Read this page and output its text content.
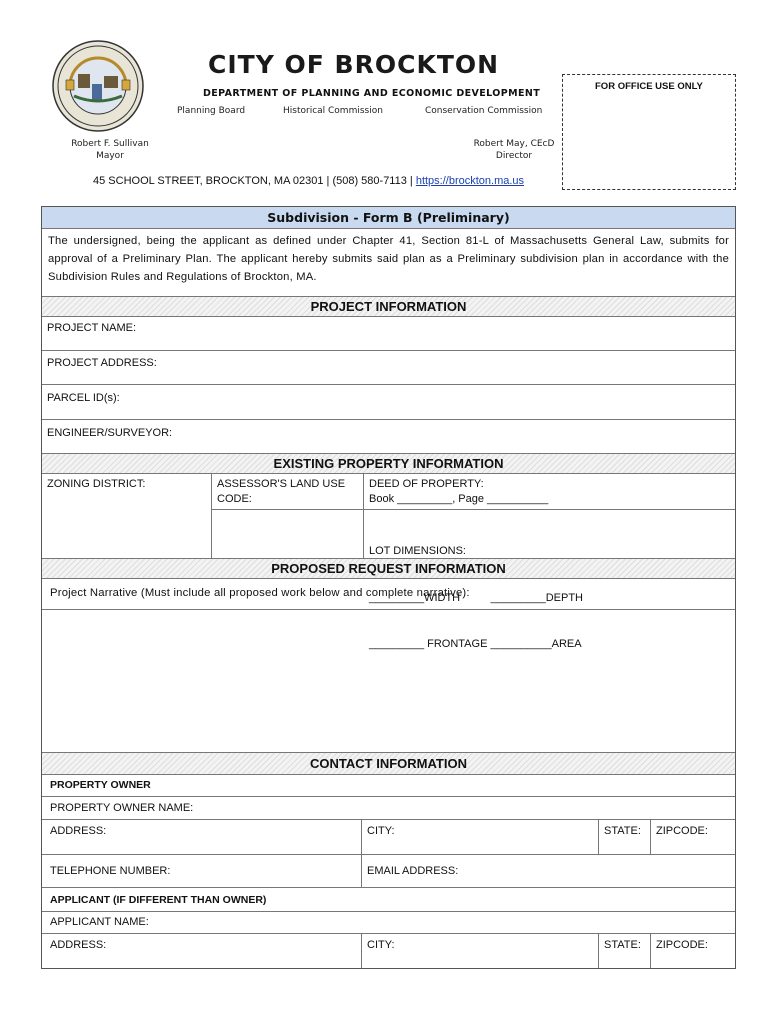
CITY OF BROCKTON
DEPARTMENT OF PLANNING AND ECONOMIC DEVELOPMENT
Planning Board	Historical Commission	Conservation Commission
Robert F. Sullivan
Mayor
Robert May, CEcD
Director
45 SCHOOL STREET, BROCKTON, MA 02301 | (508) 580-7113 | https://brockton.ma.us
FOR OFFICE USE ONLY
Subdivision - Form B (Preliminary)
The undersigned, being the applicant as defined under Chapter 41, Section 81-L of Massachusetts General Law, submits for approval of a Preliminary Plan. The applicant hereby submits said plan as a Preliminary subdivision plan in accordance with the Subdivision Rules and Regulations of Brockton, MA.
PROJECT INFORMATION
PROJECT NAME:
PROJECT ADDRESS:
PARCEL ID(s):
ENGINEER/SURVEYOR:
EXISTING PROPERTY INFORMATION
ZONING DISTRICT:	ASSESSOR'S LAND USE CODE:
DEED OF PROPERTY:
Book _________, Page __________

LOT DIMENSIONS:

_________WIDTH          _________DEPTH

_________ FRONTAGE __________AREA

PROPOSED REQUEST INFORMATION
Project Narrative (Must include all proposed work below and complete narrative):
CONTACT INFORMATION
PROPERTY OWNER
PROPERTY OWNER NAME:
ADDRESS:	CITY:	STATE:	ZIPCODE:
TELEPHONE NUMBER:	EMAIL ADDRESS:
APPLICANT (IF DIFFERENT THAN OWNER)
APPLICANT NAME:
ADDRESS:	CITY:	STATE:	ZIPCODE:
